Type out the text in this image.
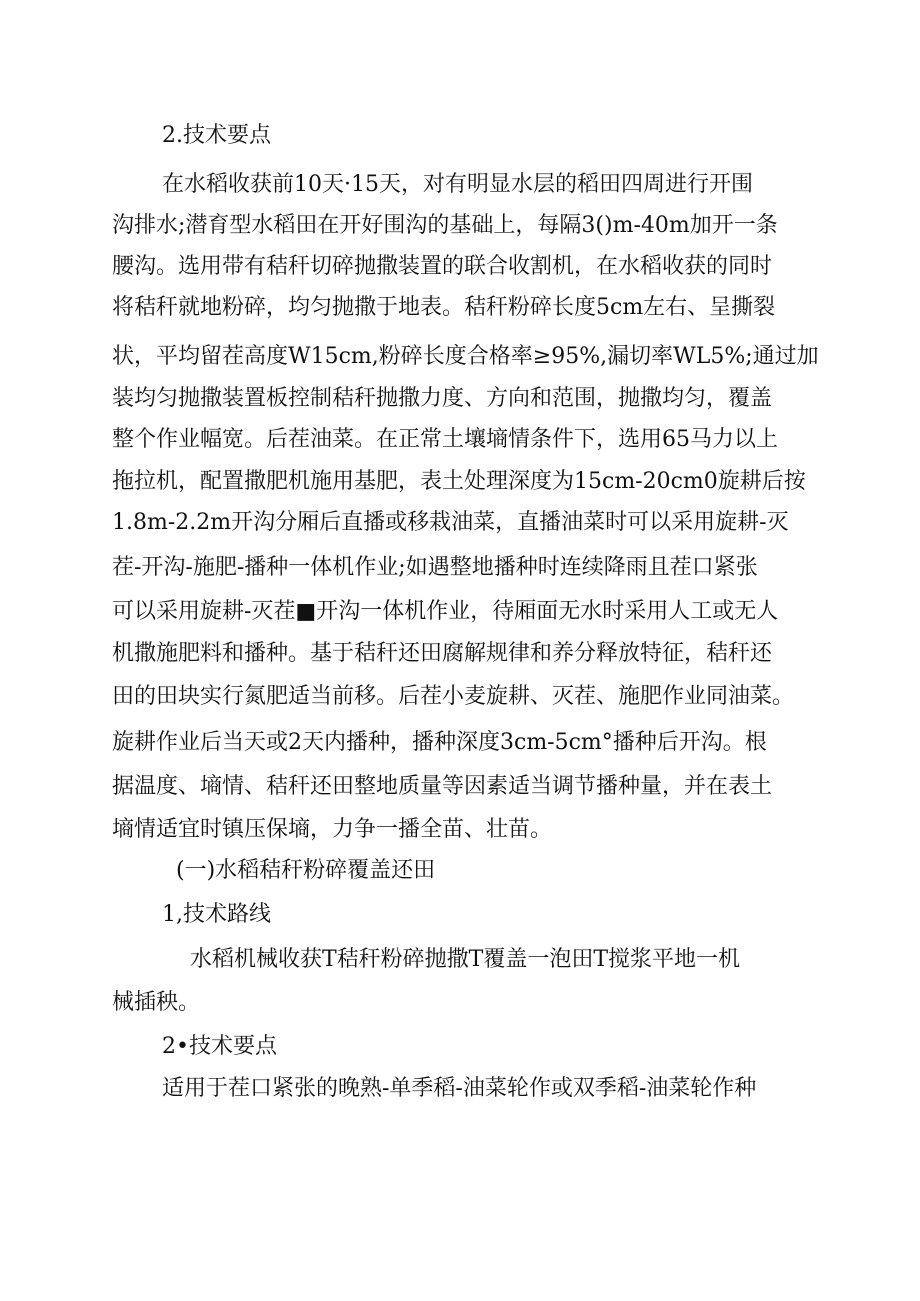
2.技术要点
在水稻收获前10天·15天，对有明显水层的稻田四周进行开围
沟排水;潜育型水稻田在开好围沟的基础上，每隔3()m-40m加开一条
腰沟。选用带有秸秆切碎抛撒装置的联合收割机，在水稻收获的同时
将秸秆就地粉碎，均匀抛撒于地表。秸秆粉碎长度5cm左右、呈撕裂
状，平均留茬高度W15cm,粉碎长度合格率≥95%,漏切率WL5%;通过加
装均匀抛撒装置板控制秸秆抛撒力度、方向和范围，抛撒均匀，覆盖
整个作业幅宽。后茬油菜。在正常土壤墒情条件下，选用65马力以上
拖拉机，配置撒肥机施用基肥，表土处理深度为15cm-20cm0旋耕后按
1.8m-2.2m开沟分厢后直播或移栽油菜，直播油菜时可以采用旋耕-灭
茬-开沟-施肥-播种一体机作业;如遇整地播种时连续降雨且茬口紧张
可以采用旋耕-灭茬■开沟一体机作业，待厢面无水时采用人工或无人
机撒施肥料和播种。基于秸秆还田腐解规律和养分释放特征，秸秆还
田的田块实行氮肥适当前移。后茬小麦旋耕、灭茬、施肥作业同油菜。
旋耕作业后当天或2天内播种，播种深度3cm-5cm°播种后开沟。根
据温度、墒情、秸秆还田整地质量等因素适当调节播种量，并在表土
墒情适宜时镇压保墒，力争一播全苗、壮苗。
(一)水稻秸秆粉碎覆盖还田
1,技术路线
水稻机械收获T秸秆粉碎抛撒T覆盖一泡田T搅浆平地一机
械插秧。
2•技术要点
适用于茬口紧张的晚熟-单季稻-油菜轮作或双季稻-油菜轮作种
